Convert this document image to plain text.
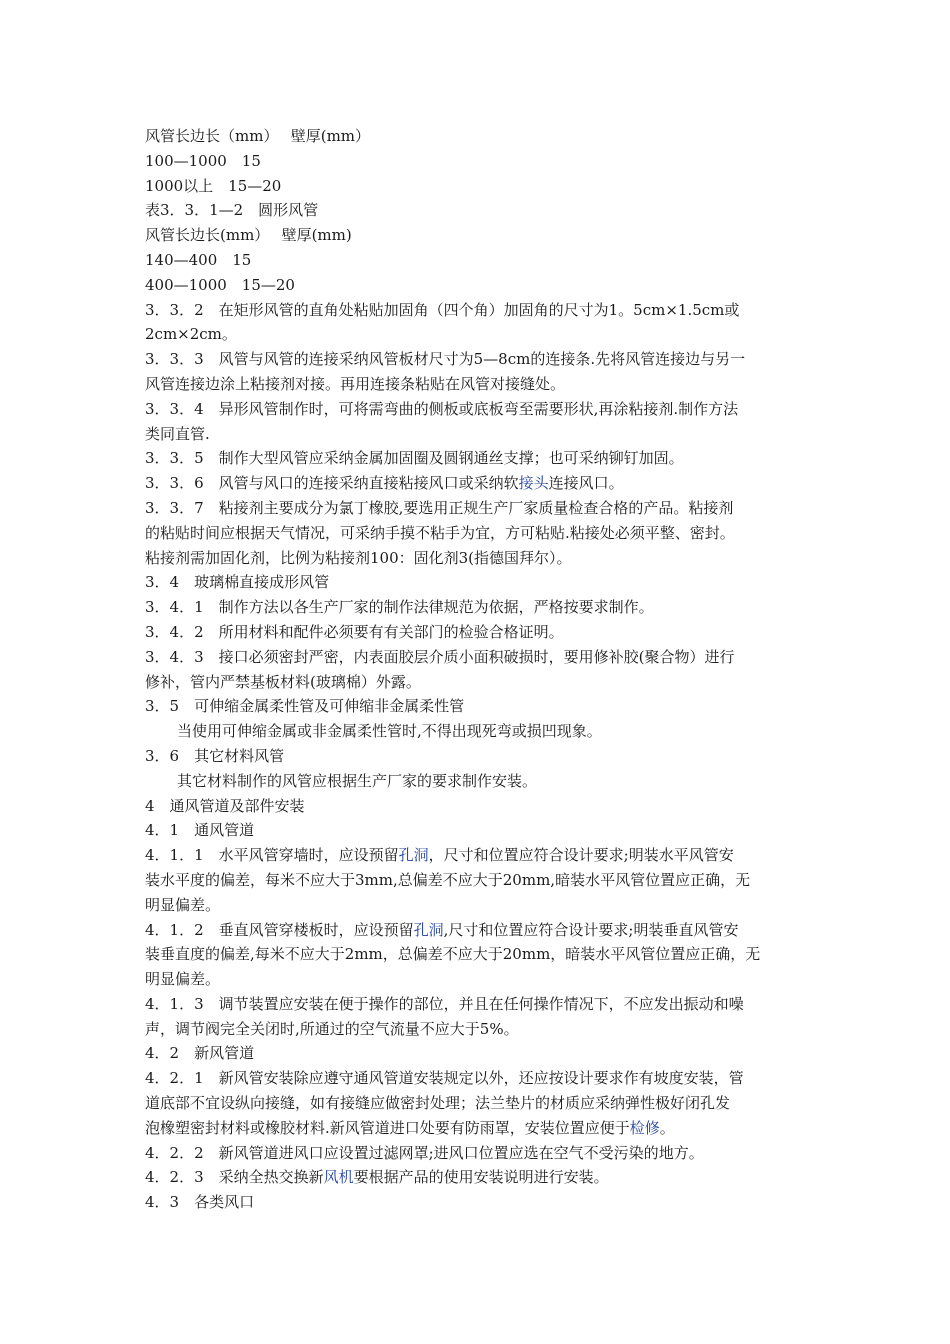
风管长边长（mm）　 壁厚(mm）
100—1000　15
1000以上　15—20
表3．3．1—2　圆形风管
风管长边长(mm）　 壁厚(mm)
140—400　15
400—1000　15—20
3．3．2　在矩形风管的直角处粘贴加固角（四个角）加固角的尺寸为1。5cm×1.5cm或
2cm×2cm。
3．3．3　风管与风管的连接采纳风管板材尺寸为5—8cm的连接条.先将风管连接边与另一
风管连接边涂上粘接剂对接。再用连接条粘贴在风管对接缝处。
3．3．4　异形风管制作时，可将需弯曲的侧板或底板弯至需要形状,再涂粘接剂.制作方法
类同直管.
3．3．5　制作大型风管应采纳金属加固圈及圆钢通丝支撑；也可采纳铆钉加固。
3．3．6　风管与风口的连接采纳直接粘接风口或采纳软接头连接风口。
3．3．7　粘接剂主要成分为氯丁橡胶,要选用正规生产厂家质量检查合格的产品。粘接剂
的粘贴时间应根据天气情况，可采纳手摸不粘手为宜，方可粘贴.粘接处必须平整、密封。
粘接剂需加固化剂，比例为粘接剂100：固化剂3(指德国拜尔）。
3．4　玻璃棉直接成形风管
3．4．1　制作方法以各生产厂家的制作法律规范为依据，严格按要求制作。
3．4．2　所用材料和配件必须要有有关部门的检验合格证明。
3．4．3　接口必须密封严密，内表面胶层介质小面积破损时，要用修补胶(聚合物）进行
修补，管内严禁基板材料(玻璃棉）外露。
3．5　可伸缩金属柔性管及可伸缩非金属柔性管
当使用可伸缩金属或非金属柔性管时,不得出现死弯或损凹现象。
3．6　其它材料风管
其它材料制作的风管应根据生产厂家的要求制作安装。
4　通风管道及部件安装
4．1　通风管道
4．1．1　水平风管穿墙时，应设预留孔洞，尺寸和位置应符合设计要求;明装水平风管安
装水平度的偏差，每米不应大于3mm,总偏差不应大于20mm,暗装水平风管位置应正确，无
明显偏差。
4．1．2　垂直风管穿楼板时，应设预留孔洞,尺寸和位置应符合设计要求;明装垂直风管安
装垂直度的偏差,每米不应大于2mm，总偏差不应大于20mm，暗装水平风管位置应正确，无
明显偏差。
4．1．3　调节装置应安装在便于操作的部位，并且在任何操作情况下，不应发出振动和噪
声，调节阀完全关闭时,所通过的空气流量不应大于5%。
4．2　新风管道
4．2．1　新风管安装除应遵守通风管道安装规定以外，还应按设计要求作有坡度安装，管
道底部不宜设纵向接缝，如有接缝应做密封处理；法兰垫片的材质应采纳弹性极好闭孔发
泡橡塑密封材料或橡胶材料.新风管道进口处要有防雨罩，安装位置应便于检修。
4．2．2　新风管道进风口应设置过滤网罩;进风口位置应选在空气不受污染的地方。
4．2．3　采纳全热交换新风机要根据产品的使用安装说明进行安装。
4．3　各类风口
